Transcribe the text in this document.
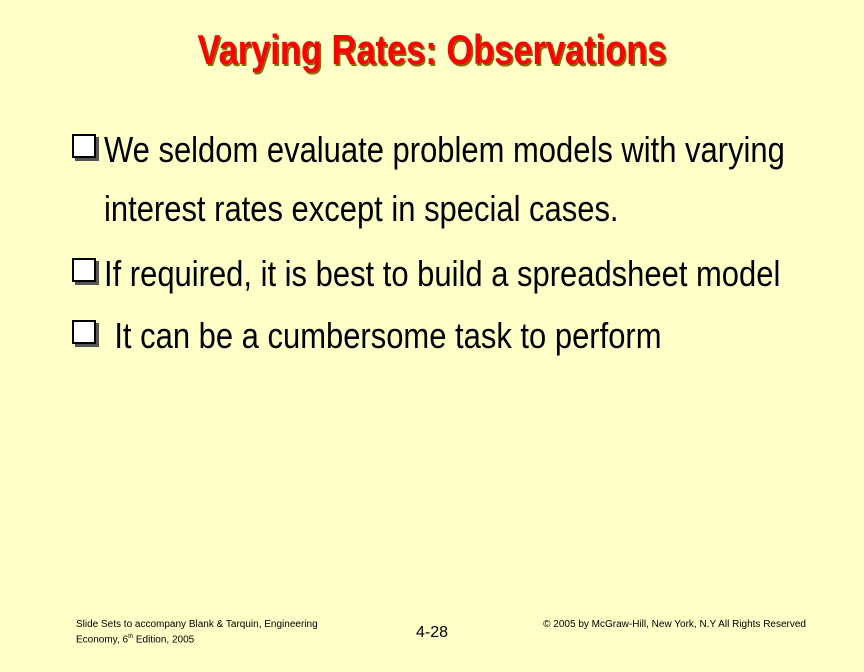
Varying Rates: Observations
We seldom evaluate problem models with varying interest rates except in special cases.
If required, it is best to build a spreadsheet model
It can be a cumbersome task to perform
Slide Sets to accompany Blank & Tarquin, Engineering
Economy, 6th Edition, 2005	4-28	© 2005 by McGraw-Hill, New York, N.Y All Rights Reserved
